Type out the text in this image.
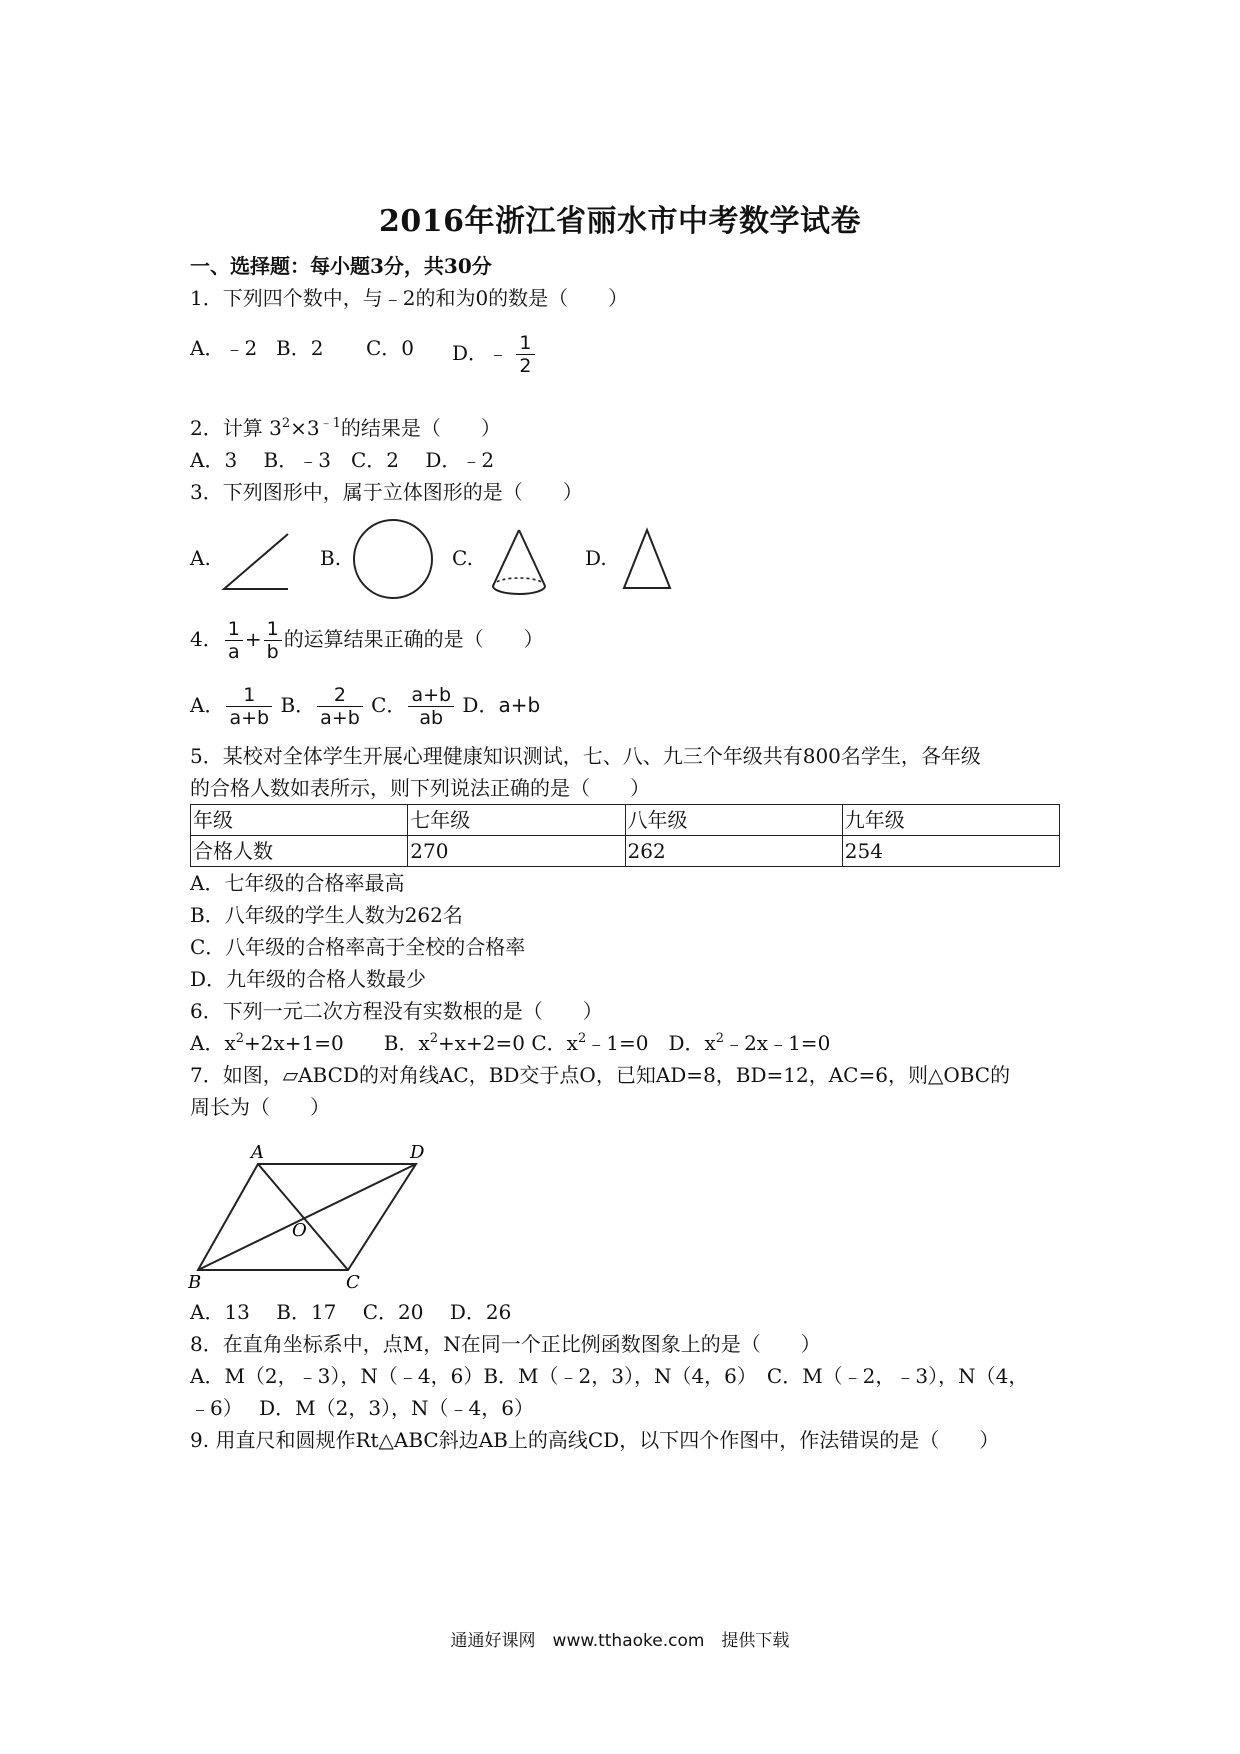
2016年浙江省丽水市中考数学试卷
一、选择题：每小题3分，共30分
1．下列四个数中，与﹣2的和为0的数是（　　）
A．﹣2 B．2 C．0 D．﹣ $\frac{1}{2}$
2．计算 $3^2\times 3^{﹣1}$的结果是（　　）
A．3　 B．﹣3　C．2　 D．﹣2
3．下列图形中，属于立体图形的是（　　）
A.	B.	C.	D.
4． $\frac{1}{a} + \frac{1}{b}$ 的运算结果正确的是（　　）
A． $\frac{1}{a+b}$ B． $\frac{2}{a+b}$ C． $\frac{a+b}{ab}$ D．a+b
5．某校对全体学生开展心理健康知识测试，七、八、九三个年级共有800名学生，各年级
的合格人数如表所示，则下列说法正确的是（　　）
年级	七年级	八年级	九年级
合格人数	270	262	254
A．七年级的合格率最高
B．八年级的学生人数为262名
C．八年级的合格率高于全校的合格率
D．九年级的合格人数最少
6．下列一元二次方程没有实数根的是（　　）
A．$x^2+2x+1=0$　　B．$x^2+x+2=0$ C．$x^2﹣1=0$　D．$x^2﹣2x﹣1=0$
7．如图，▱ABCD的对角线AC，BD交于点O，已知AD=8，BD=12，AC=6，则△OBC的
周长为（　　）
A	D
B	C
O
A．13　 B．17　 C．20　 D．26
8．在直角坐标系中，点M，N在同一个正比例函数图象上的是（　　）
A．M（2，﹣3），N（﹣4，6）B．M（﹣2，3），N（4，6）　C．M（﹣2，﹣3），N（4，
﹣6）　 D．M（2，3），N（﹣4，6）
9. 用直尺和圆规作Rt△ABC斜边AB上的高线CD，以下四个作图中，作法错误的是（　　）
通通好课网　www.tthaoke.com　提供下载
